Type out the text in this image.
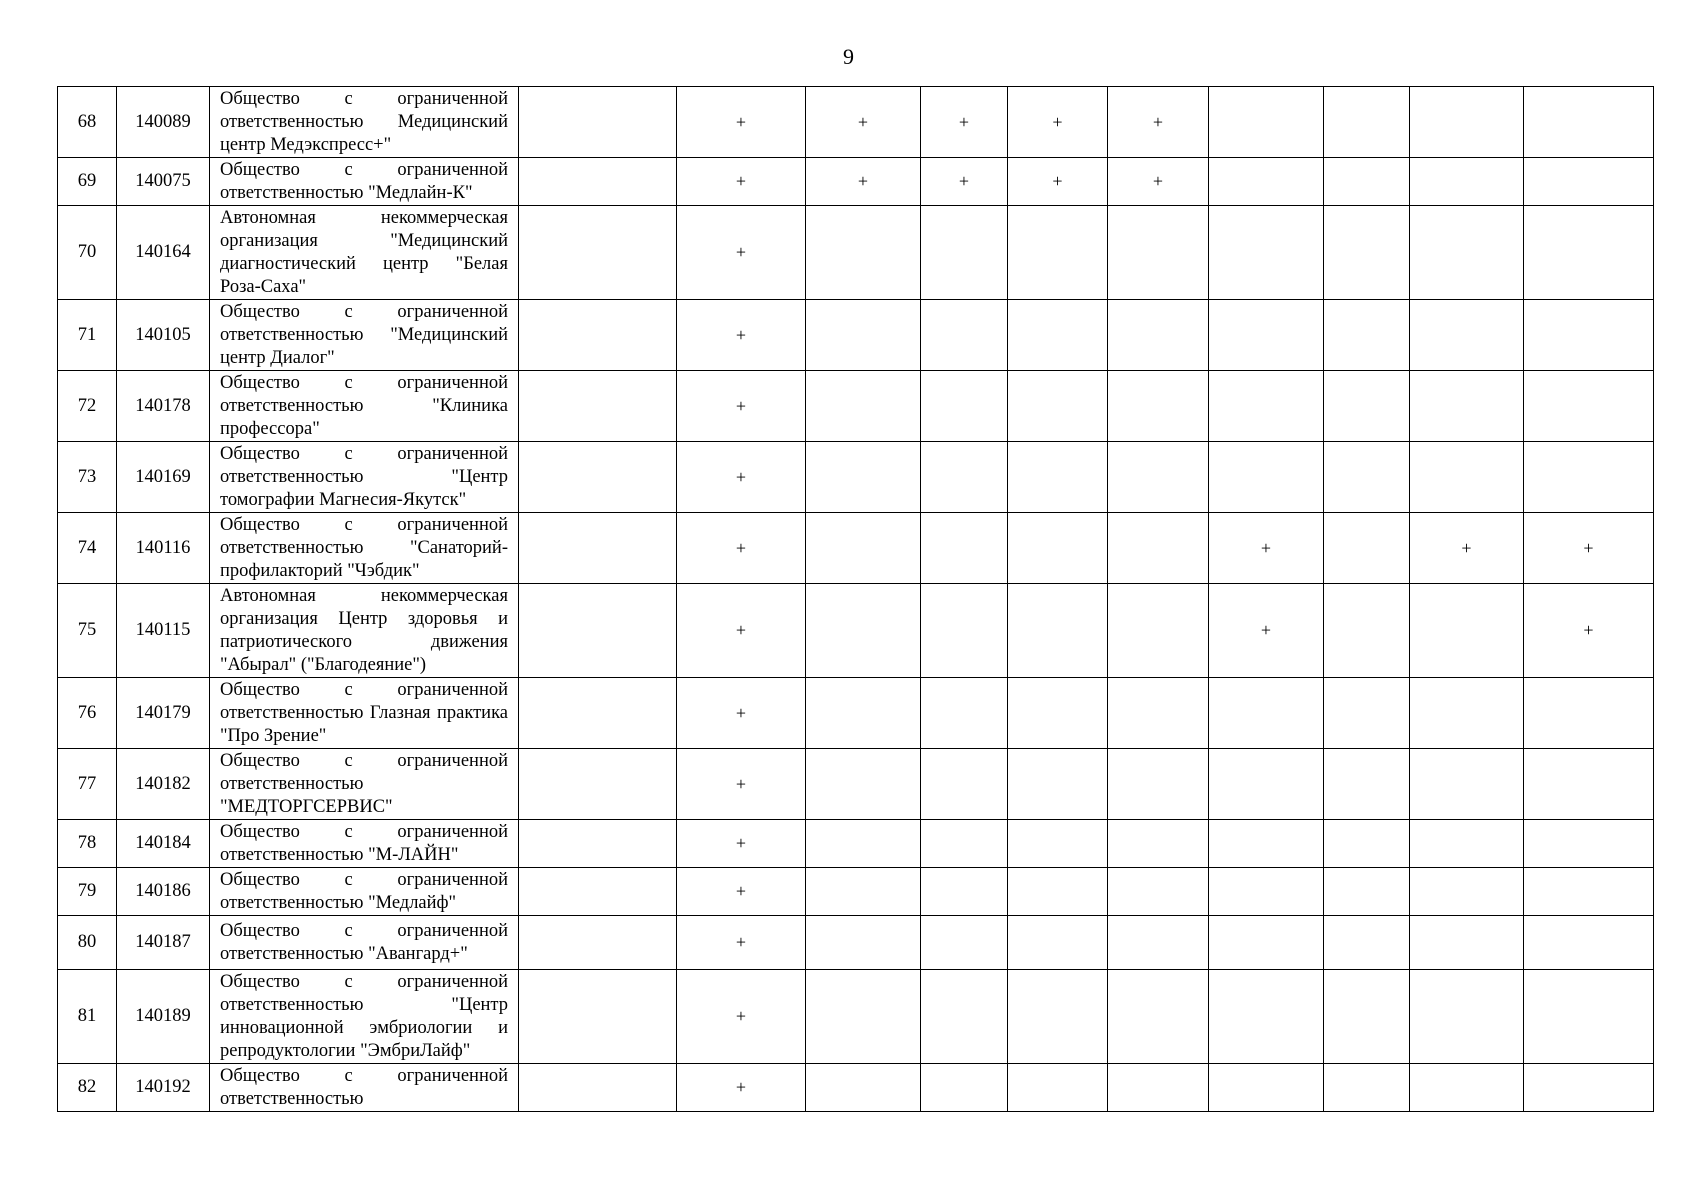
9
68	140089	Общество с ограниченной ответственностью Медицинский центр Медэкспресс+"		+	+	+	+	+				
69	140075	Общество с ограниченной ответственностью "Медлайн-К"		+	+	+	+	+				
70	140164	Автономная некоммерческая организация "Медицинский диагностический центр "Белая Роза-Саха"		+								
71	140105	Общество с ограниченной ответственностью "Медицинский центр Диалог"		+								
72	140178	Общество с ограниченной ответственностью "Клиника профессора"		+								
73	140169	Общество с ограниченной ответственностью "Центр томографии Магнесия-Якутск"		+								
74	140116	Общество с ограниченной ответственностью "Санаторий-профилакторий "Чэбдик"		+					+		+	+
75	140115	Автономная некоммерческая организация Центр здоровья и патриотического движения "Абырал" ("Благодеяние")		+					+			+
76	140179	Общество с ограниченной ответственностью Глазная практика "Про Зрение"		+								
77	140182	Общество с ограниченной ответственностью "МЕДТОРГСЕРВИС"		+								
78	140184	Общество с ограниченной ответственностью "М-ЛАЙН"		+								
79	140186	Общество с ограниченной ответственностью "Медлайф"		+								
80	140187	Общество с ограниченной ответственностью "Авангард+"		+								
81	140189	Общество с ограниченной ответственностью "Центр инновационной эмбриологии и репродуктологии "ЭмбриЛайф"		+								
82	140192	Общество с ограниченной ответственностью		+								
